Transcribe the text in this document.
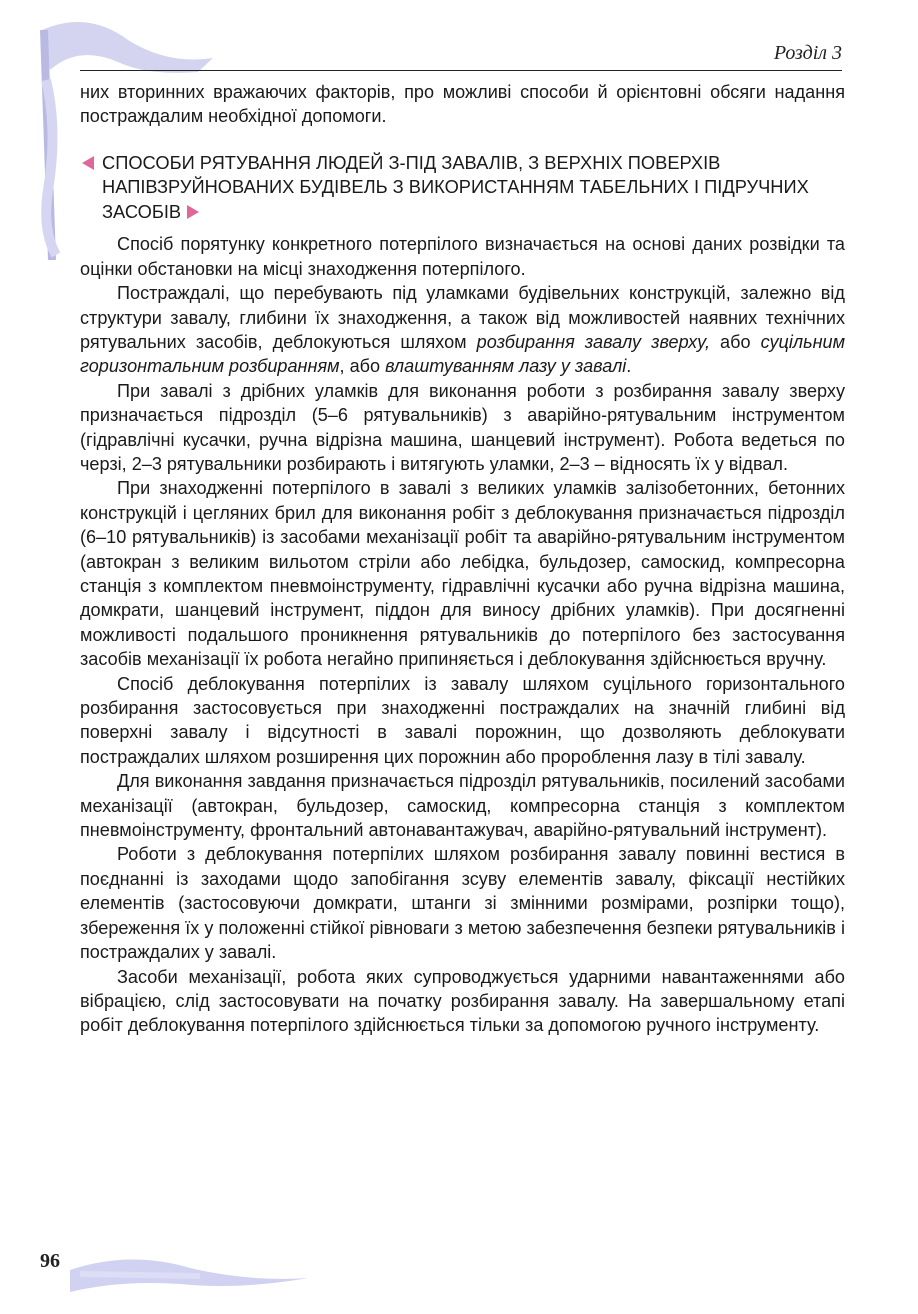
Розділ 3

них вторинних вражаючих факторів, про можливі способи й орієнтовні обсяги надання постраждалим необхідної допомоги.

СПОСОБИ РЯТУВАННЯ ЛЮДЕЙ З-ПІД ЗАВАЛІВ, З ВЕРХНІХ ПОВЕРХІВ НАПІВЗРУЙНОВАНИХ БУДІВЕЛЬ З ВИКОРИСТАННЯМ ТАБЕЛЬНИХ І ПІДРУЧНИХ ЗАСОБІВ

Спосіб порятунку конкретного потерпілого визначається на основі даних розвідки та оцінки обстановки на місці знаходження потерпілого.

Постраждалі, що перебувають під уламками будівельних конструкцій, залежно від структури завалу, глибини їх знаходження, а також від можливостей наявних технічних рятувальних засобів, деблокуються шляхом розбирання завалу зверху, або суцільним горизонтальним розбиранням, або влаштуванням лазу у завалі.

При завалі з дрібних уламків для виконання роботи з розбирання завалу зверху призначається підрозділ (5–6 рятувальників) з аварійно-рятувальним інструментом (гідравлічні кусачки, ручна відрізна машина, шанцевий інструмент). Робота ведеться по черзі, 2–3 рятувальники розбирають і витягують уламки, 2–3 – відносять їх у відвал.

При знаходженні потерпілого в завалі з великих уламків залізобетонних, бетонних конструкцій і цегляних брил для виконання робіт з деблокування призначається підрозділ (6–10 рятувальників) із засобами механізації робіт та аварійно-рятувальним інструментом (автокран з великим вильотом стріли або лебідка, бульдозер, самоскид, компресорна станція з комплектом пневмоінструменту, гідравлічні кусачки або ручна відрізна машина, домкрати, шанцевий інструмент, піддон для виносу дрібних уламків). При досягненні можливості подальшого проникнення рятувальників до потерпілого без застосування засобів механізації їх робота негайно припиняється і деблокування здійснюється вручну.

Спосіб деблокування потерпілих із завалу шляхом суцільного горизонтального розбирання застосовується при знаходженні постраждалих на значній глибині від поверхні завалу і відсутності в завалі порожнин, що дозволяють деблокувати постраждалих шляхом розширення цих порожнин або пророблення лазу в тілі завалу.

Для виконання завдання призначається підрозділ рятувальників, посилений засобами механізації (автокран, бульдозер, самоскид, компресорна станція з комплектом пневмоінструменту, фронтальний автонавантажувач, аварійно-рятувальний інструмент).

Роботи з деблокування потерпілих шляхом розбирання завалу повинні вестися в поєднанні із заходами щодо запобігання зсуву елементів завалу, фіксації нестійких елементів (застосовуючи домкрати, штанги зі змінними розмірами, розпірки тощо), збереження їх у положенні стійкої рівноваги з метою забезпечення безпеки рятувальників і постраждалих у завалі.

Засоби механізації, робота яких супроводжується ударними навантаженнями або вібрацією, слід застосовувати на початку розбирання завалу. На завершальному етапі робіт деблокування потерпілого здійснюється тільки за допомогою ручного інструменту.

96
